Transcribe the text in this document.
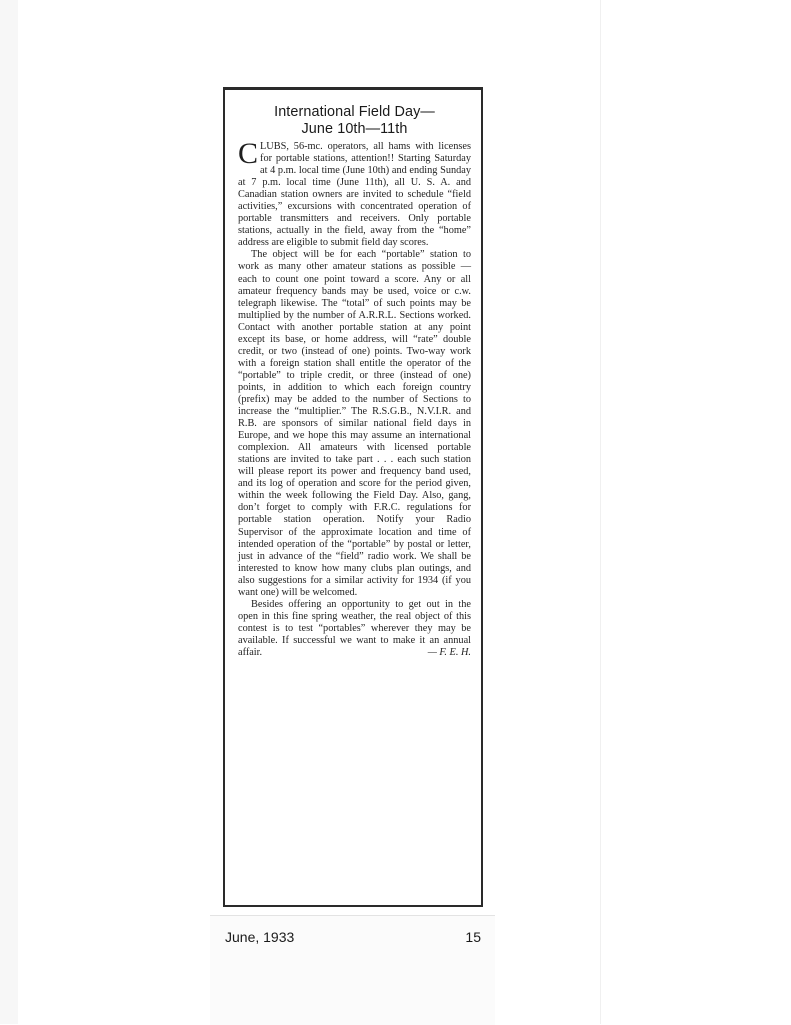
International Field Day—
June 10th—11th

CLUBS, 56-mc. operators, all hams with licenses for portable stations, attention!! Starting Saturday at 4 p.m. local time (June 10th) and ending Sunday at 7 p.m. local time (June 11th), all U. S. A. and Canadian station owners are invited to schedule “field activities,” excursions with concentrated operation of portable transmitters and receivers. Only portable stations, actually in the field, away from the “home” address are eligible to submit field day scores.

The object will be for each “portable” station to work as many other amateur stations as possible — each to count one point toward a score. Any or all amateur frequency bands may be used, voice or c.w. telegraph likewise. The “total” of such points may be multiplied by the number of A.R.R.L. Sections worked. Contact with another portable station at any point except its base, or home address, will “rate” double credit, or two (instead of one) points. Two-way work with a foreign station shall entitle the operator of the “portable” to triple credit, or three (instead of one) points, in addition to which each foreign country (prefix) may be added to the number of Sections to increase the “multiplier.” The R.S.G.B., N.V.I.R. and R.B. are sponsors of similar national field days in Europe, and we hope this may assume an international complexion. All amateurs with licensed portable stations are invited to take part . . . each such station will please report its power and frequency band used, and its log of operation and score for the period given, within the week following the Field Day. Also, gang, don’t forget to comply with F.R.C. regulations for portable station operation. Notify your Radio Supervisor of the approximate location and time of intended operation of the “portable” by postal or letter, just in advance of the “field” radio work. We shall be interested to know how many clubs plan outings, and also suggestions for a similar activity for 1934 (if you want one) will be welcomed.

Besides offering an opportunity to get out in the open in this fine spring weather, the real object of this contest is to test “portables” wherever they may be available. If successful we want to make it an annual affair.	— F. E. H.

June, 1933	15
